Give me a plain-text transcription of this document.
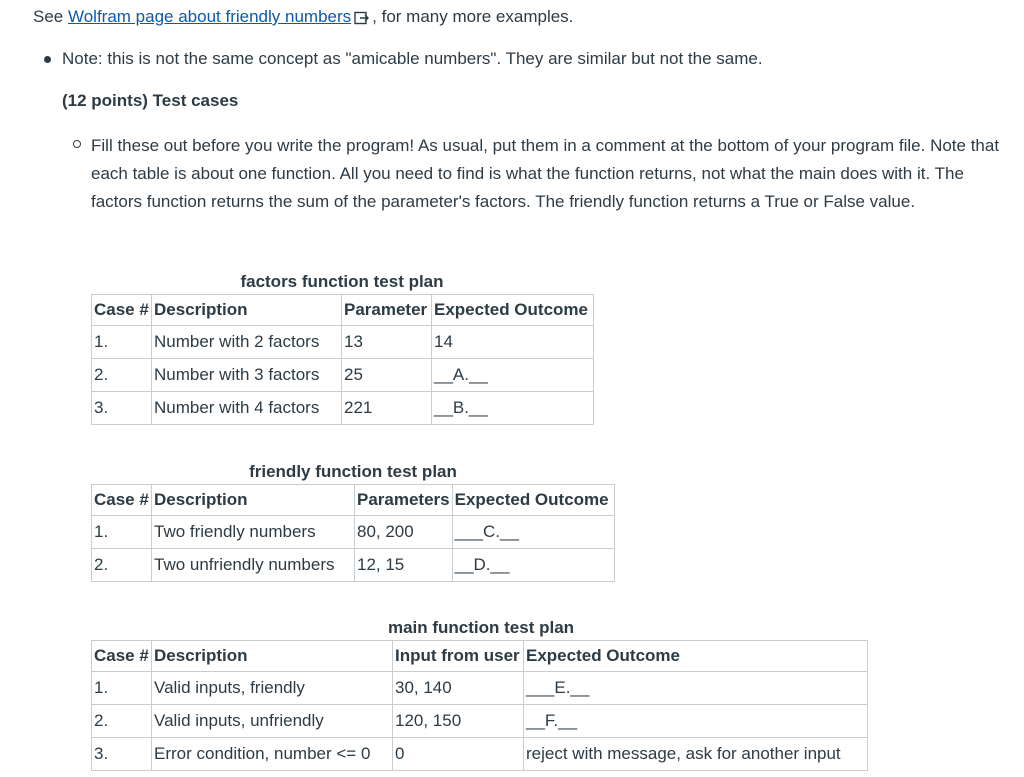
See Wolfram page about friendly numbers , for many more examples.
Note: this is not the same concept as "amicable numbers". They are similar but not the same.
(12 points) Test cases
Fill these out before you write the program! As usual, put them in a comment at the bottom of your program file. Note that each table is about one function. All you need to find is what the function returns, not what the main does with it. The factors function returns the sum of the parameter's factors. The friendly function returns a True or False value.
factors function test plan
Case #	Description	Parameter	Expected Outcome
1.	Number with 2 factors	13	14
2.	Number with 3 factors	25	__A.__
3.	Number with 4 factors	221	__B.__
friendly function test plan
Case #	Description	Parameters	Expected Outcome
1.	Two friendly numbers	80, 200	___C.__
2.	Two unfriendly numbers	12, 15	__D.__
main function test plan
Case #	Description	Input from user	Expected Outcome
1.	Valid inputs, friendly	30, 140	___E.__
2.	Valid inputs, unfriendly	120, 150	__F.__
3.	Error condition, number <= 0	0	reject with message, ask for another input
